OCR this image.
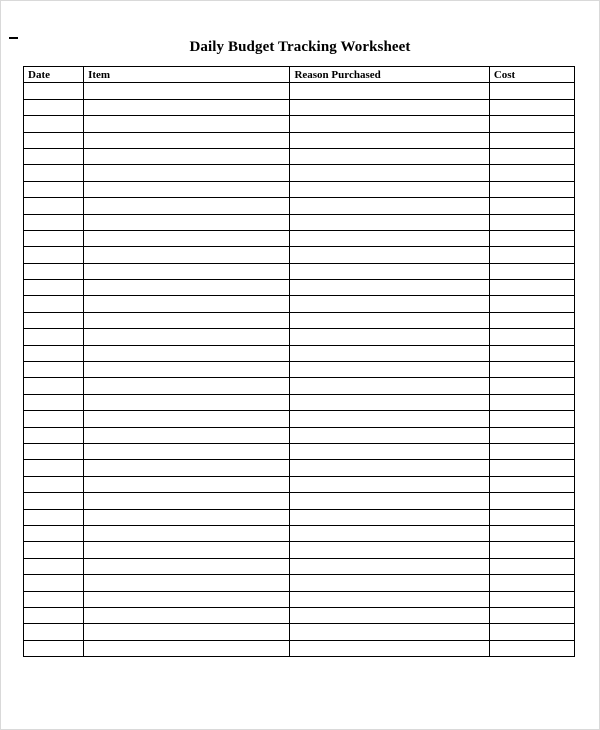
Daily Budget Tracking Worksheet
Date	Item	Reason Purchased	Cost
